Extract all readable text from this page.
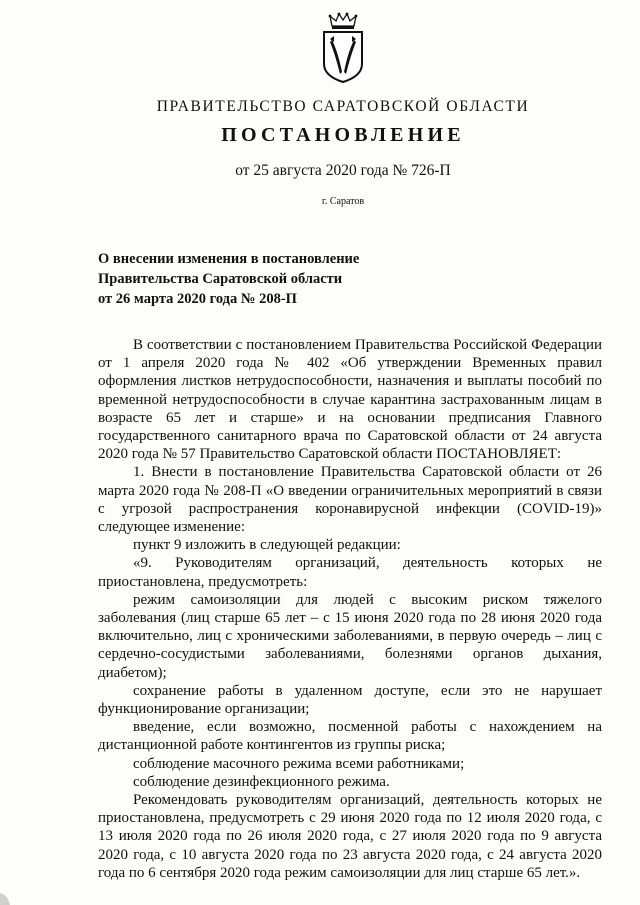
ПРАВИТЕЛЬСТВО САРАТОВСКОЙ ОБЛАСТИ
ПОСТАНОВЛЕНИЕ
от 25 августа 2020 года № 726-П
г. Саратов
О внесении изменения в постановление
Правительства Саратовской области
от 26 марта 2020 года № 208-П

В соответствии с постановлением Правительства Российской Федерации от 1 апреля 2020 года № 402 «Об утверждении Временных правил оформления листков нетрудоспособности, назначения и выплаты пособий по временной нетрудоспособности в случае карантина застрахованным лицам в возрасте 65 лет и старше» и на основании предписания Главного государственного санитарного врача по Саратовской области от 24 августа 2020 года № 57 Правительство Саратовской области ПОСТАНОВЛЯЕТ:

1. Внести в постановление Правительства Саратовской области от 26 марта 2020 года № 208-П «О введении ограничительных мероприятий в связи с угрозой распространения коронавирусной инфекции (COVID-19)» следующее изменение:

пункт 9 изложить в следующей редакции:

«9. Руководителям организаций, деятельность которых не приостановлена, предусмотреть:

режим самоизоляции для людей с высоким риском тяжелого заболевания (лиц старше 65 лет – с 15 июня 2020 года по 28 июня 2020 года включительно, лиц с хроническими заболеваниями, в первую очередь – лиц с сердечно-сосудистыми заболеваниями, болезнями органов дыхания, диабетом);

сохранение работы в удаленном доступе, если это не нарушает функционирование организации;

введение, если возможно, посменной работы с нахождением на дистанционной работе контингентов из группы риска;

соблюдение масочного режима всеми работниками;

соблюдение дезинфекционного режима.

Рекомендовать руководителям организаций, деятельность которых не приостановлена, предусмотреть с 29 июня 2020 года по 12 июля 2020 года, с 13 июля 2020 года по 26 июля 2020 года, с 27 июля 2020 года по 9 августа 2020 года, с 10 августа 2020 года по 23 августа 2020 года, с 24 августа 2020 года по 6 сентября 2020 года режим самоизоляции для лиц старше 65 лет.».
